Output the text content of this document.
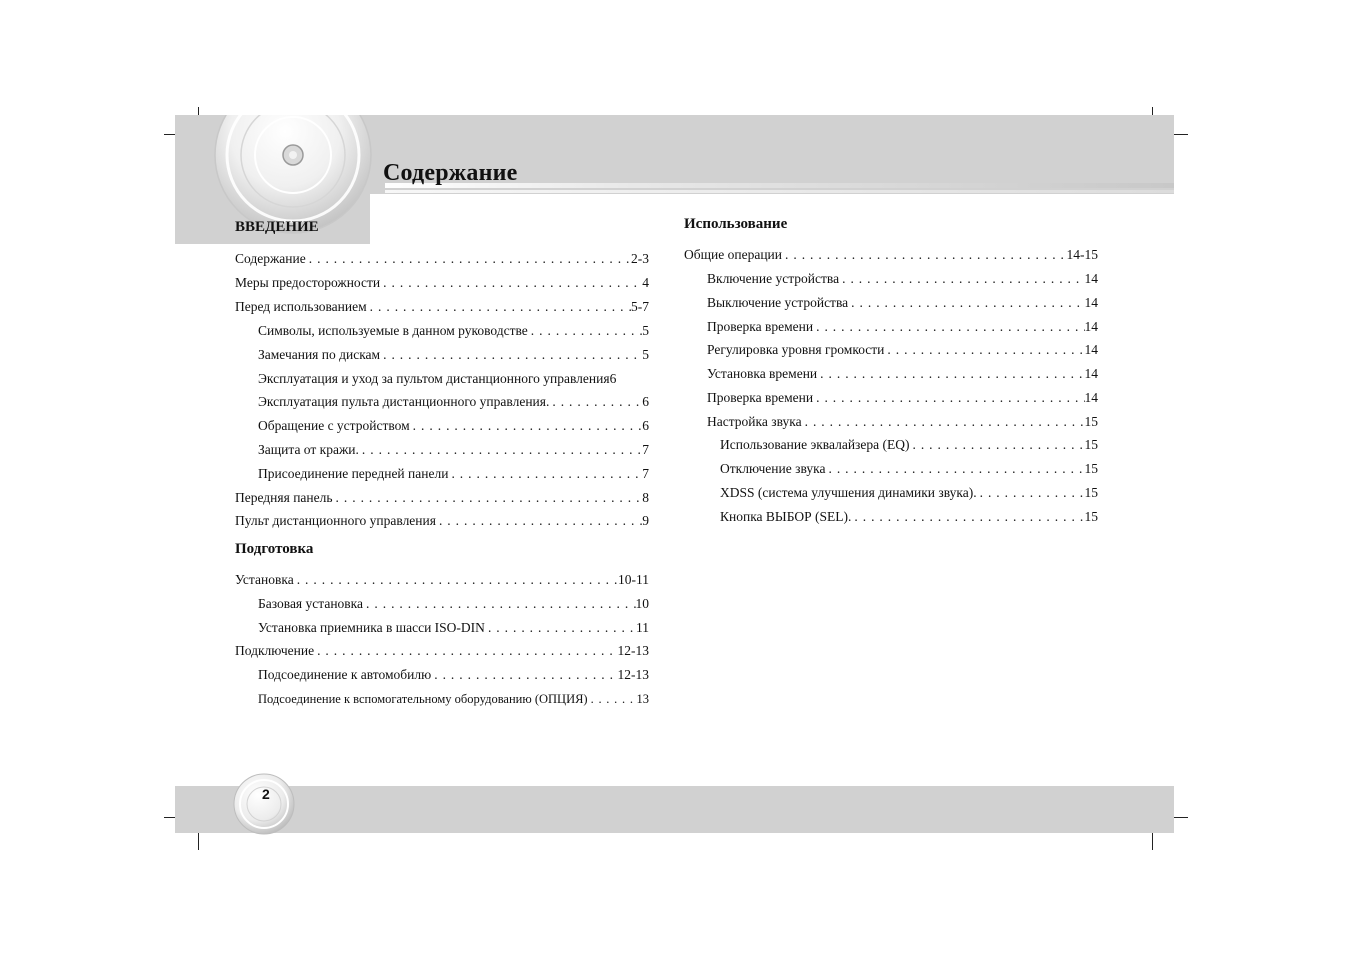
Содержание
2
ВВЕДЕНИЕ
Содержание . . .	2-3
Меры предосторожности . . .	4
Перед использованием . . .	5-7
Символы, используемые в данном руководстве . . .	5
Замечания по дискам . . .	5
Эксплуатация и уход за пультом дистанционного управления 6
Эксплуатация пульта дистанционного управления. . . .	6
Обращение с устройством . . .	6
Защита от кражи. . . .	7
Присоединение передней панели . . .	7
Передняя панель . . .	8
Пульт дистанционного управления . . .	9
Подготовка
Установка . . .	10-11
Базовая установка . . .	10
Установка приемника в шасси ISO-DIN . . .	11
Подключение . . .	12-13
Подсоединение к автомобилю . . .	12-13
Подсоединение к вспомогательному оборудованию (ОПЦИЯ) . . .	13
Использование
Общие операции . . .	14-15
Включение устройства . . .	14
Выключение устройства . . .	14
Проверка времени . . .	14
Регулировка уровня громкости . . .	14
Установка времени . . .	14
Проверка времени . . .	14
Настройка звука . . .	15
Использование эквалайзера (EQ) . . .	15
Отключение звука . . .	15
XDSS (система улучшения динамики звука). . . .	15
Кнопка ВЫБОР (SEL). . . .	15
